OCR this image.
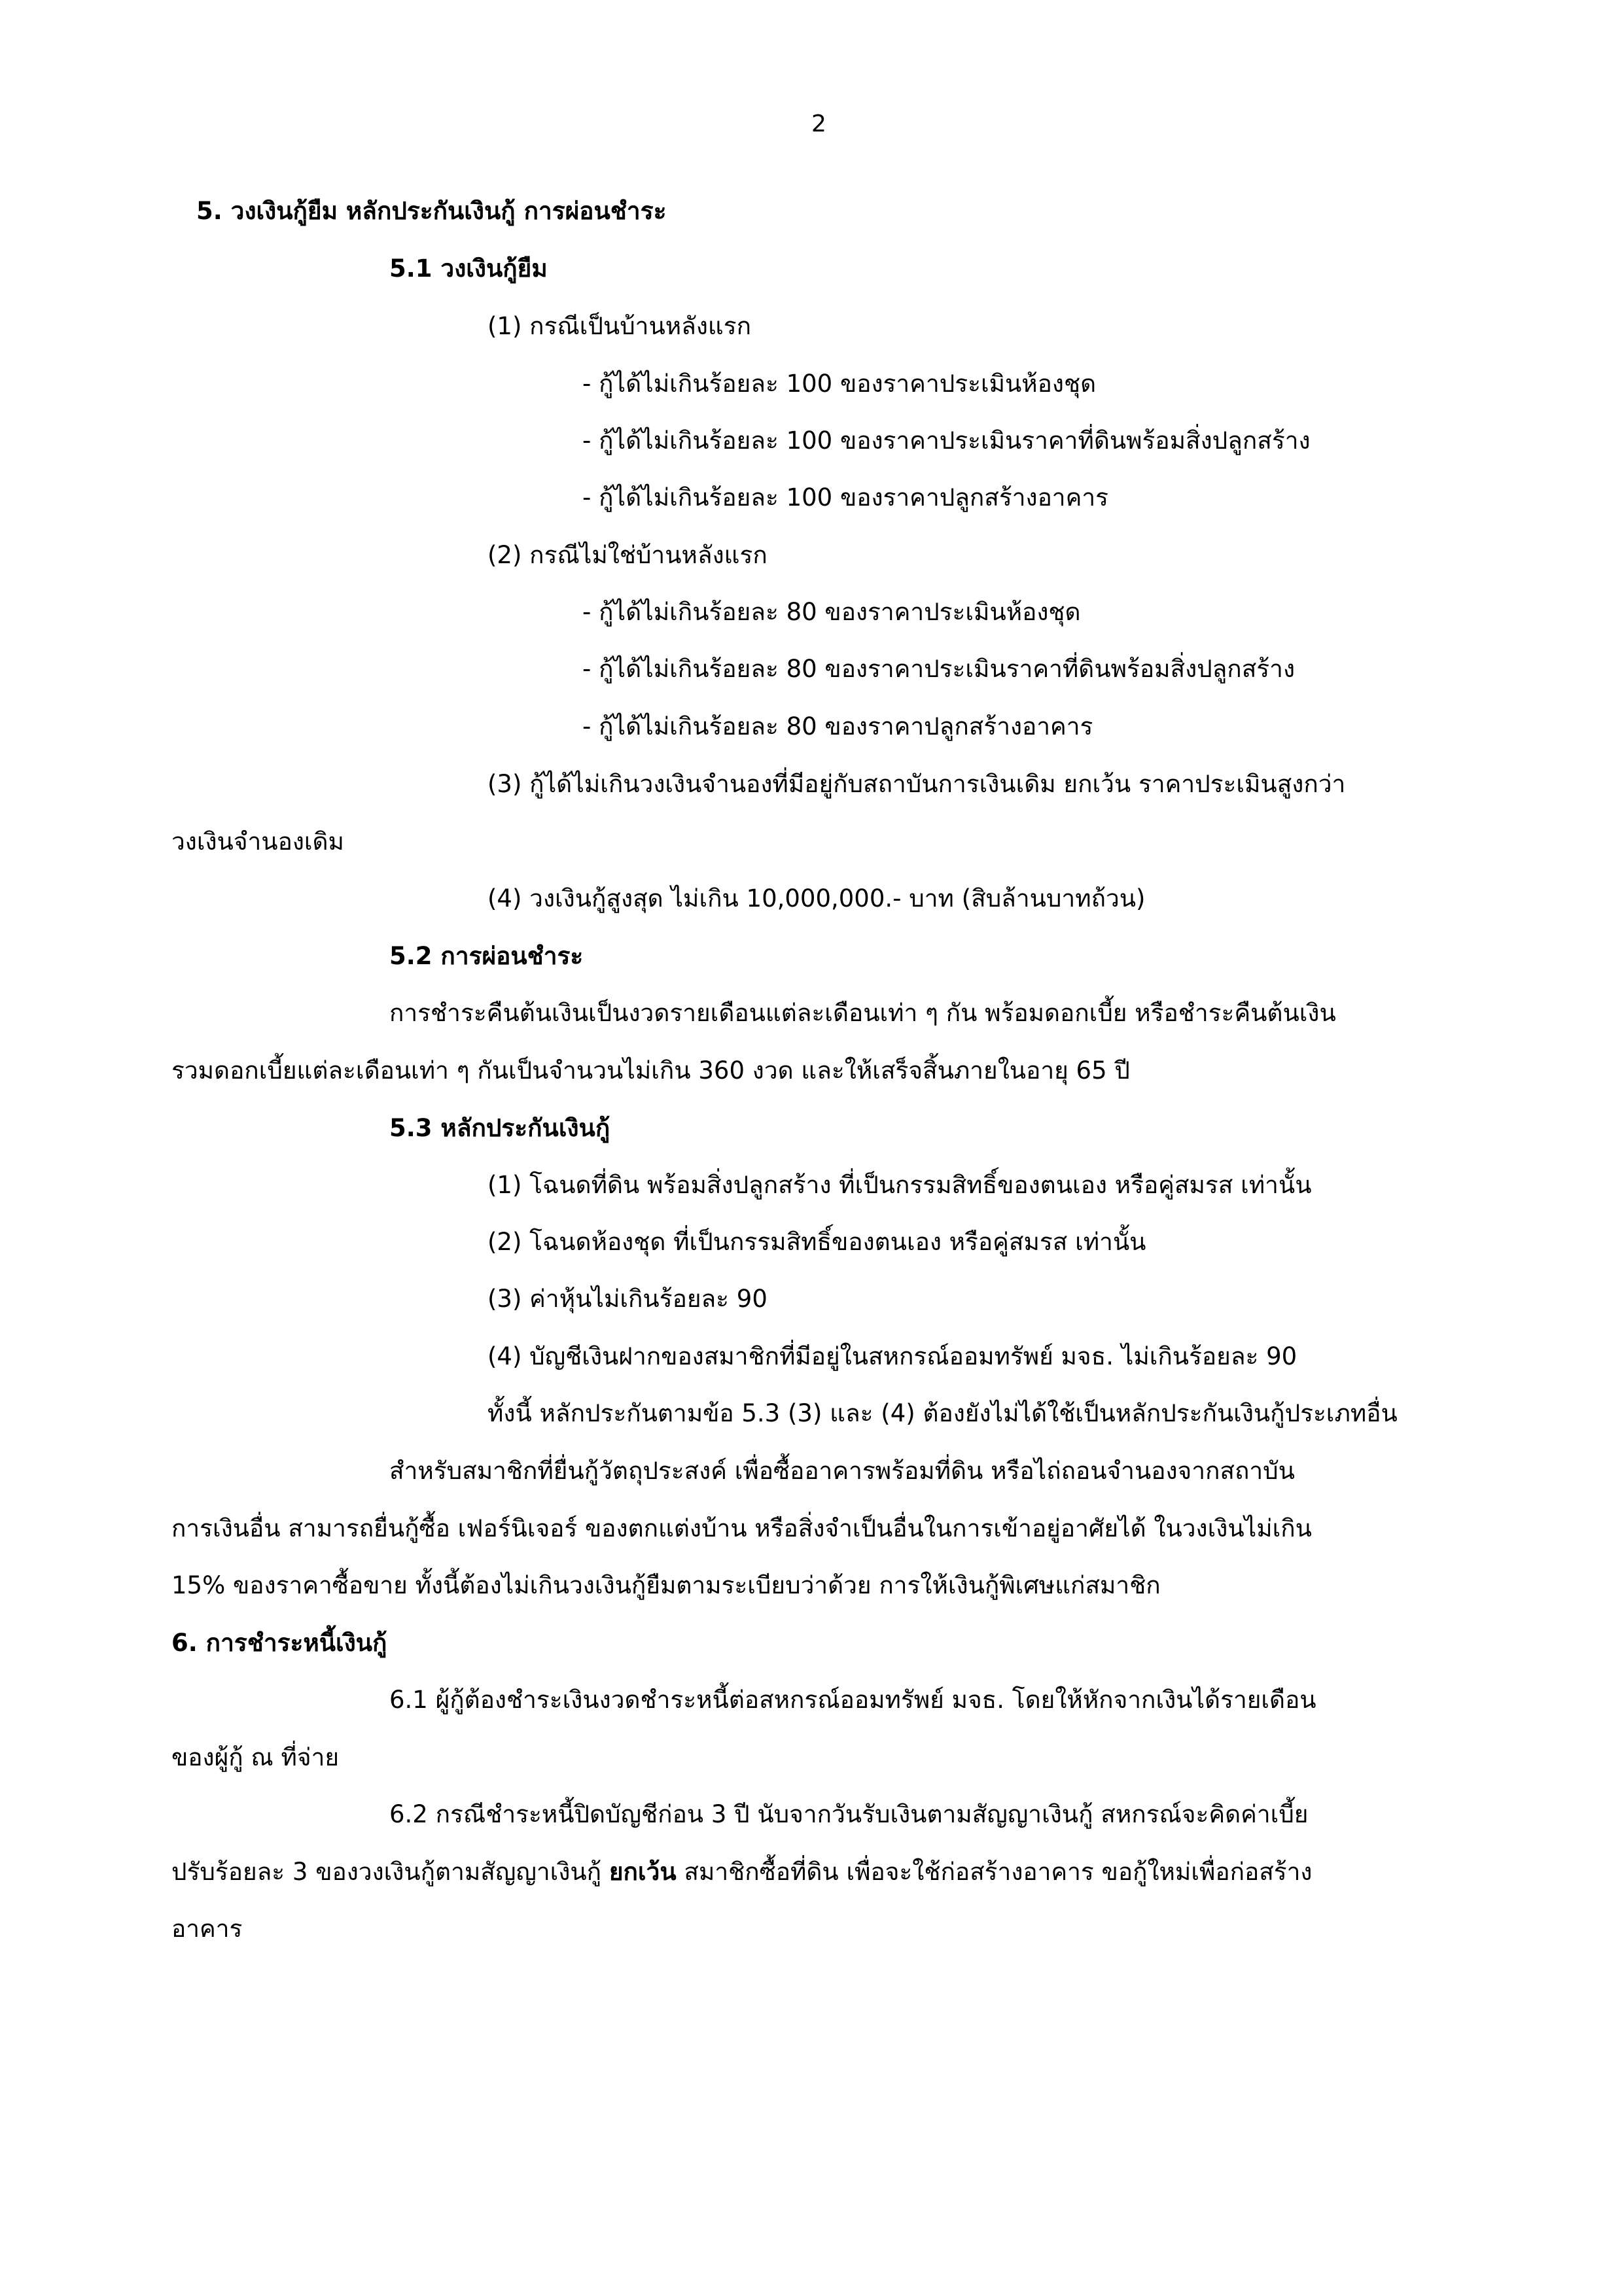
2
5. วงเงินกู้ยืม หลักประกันเงินกู้ การผ่อนชำระ
5.1 วงเงินกู้ยืม
(1) กรณีเป็นบ้านหลังแรก
- กู้ได้ไม่เกินร้อยละ 100 ของราคาประเมินห้องชุด
- กู้ได้ไม่เกินร้อยละ 100 ของราคาประเมินราคาที่ดินพร้อมสิ่งปลูกสร้าง
- กู้ได้ไม่เกินร้อยละ 100 ของราคาปลูกสร้างอาคาร
(2) กรณีไม่ใช่บ้านหลังแรก
- กู้ได้ไม่เกินร้อยละ 80 ของราคาประเมินห้องชุด
- กู้ได้ไม่เกินร้อยละ 80 ของราคาประเมินราคาที่ดินพร้อมสิ่งปลูกสร้าง
- กู้ได้ไม่เกินร้อยละ 80 ของราคาปลูกสร้างอาคาร
(3) กู้ได้ไม่เกินวงเงินจำนองที่มีอยู่กับสถาบันการเงินเดิม ยกเว้น ราคาประเมินสูงกว่า
วงเงินจำนองเดิม
(4) วงเงินกู้สูงสุด ไม่เกิน 10,000,000.- บาท (สิบล้านบาทถ้วน)
5.2 การผ่อนชำระ
การชำระคืนต้นเงินเป็นงวดรายเดือนแต่ละเดือนเท่า ๆ กัน พร้อมดอกเบี้ย หรือชำระคืนต้นเงิน
รวมดอกเบี้ยแต่ละเดือนเท่า ๆ กันเป็นจำนวนไม่เกิน 360 งวด และให้เสร็จสิ้นภายในอายุ 65 ปี
5.3 หลักประกันเงินกู้
(1) โฉนดที่ดิน พร้อมสิ่งปลูกสร้าง ที่เป็นกรรมสิทธิ์ของตนเอง หรือคู่สมรส เท่านั้น
(2) โฉนดห้องชุด ที่เป็นกรรมสิทธิ์ของตนเอง หรือคู่สมรส เท่านั้น
(3) ค่าหุ้นไม่เกินร้อยละ 90
(4) บัญชีเงินฝากของสมาชิกที่มีอยู่ในสหกรณ์ออมทรัพย์ มจธ. ไม่เกินร้อยละ 90
ทั้งนี้ หลักประกันตามข้อ 5.3 (3) และ (4) ต้องยังไม่ได้ใช้เป็นหลักประกันเงินกู้ประเภทอื่น
สำหรับสมาชิกที่ยื่นกู้วัตถุประสงค์ เพื่อซื้ออาคารพร้อมที่ดิน หรือไถ่ถอนจำนองจากสถาบัน
การเงินอื่น สามารถยื่นกู้ซื้อ เฟอร์นิเจอร์ ของตกแต่งบ้าน หรือสิ่งจำเป็นอื่นในการเข้าอยู่อาศัยได้ ในวงเงินไม่เกิน
15% ของราคาซื้อขาย ทั้งนี้ต้องไม่เกินวงเงินกู้ยืมตามระเบียบว่าด้วย การให้เงินกู้พิเศษแก่สมาชิก
6. การชำระหนี้เงินกู้
6.1 ผู้กู้ต้องชำระเงินงวดชำระหนี้ต่อสหกรณ์ออมทรัพย์ มจธ. โดยให้หักจากเงินได้รายเดือน
ของผู้กู้ ณ ที่จ่าย
6.2 กรณีชำระหนี้ปิดบัญชีก่อน 3 ปี นับจากวันรับเงินตามสัญญาเงินกู้ สหกรณ์จะคิดค่าเบี้ย
ปรับร้อยละ 3 ของวงเงินกู้ตามสัญญาเงินกู้ ยกเว้น สมาชิกซื้อที่ดิน เพื่อจะใช้ก่อสร้างอาคาร ขอกู้ใหม่เพื่อก่อสร้าง
อาคาร
